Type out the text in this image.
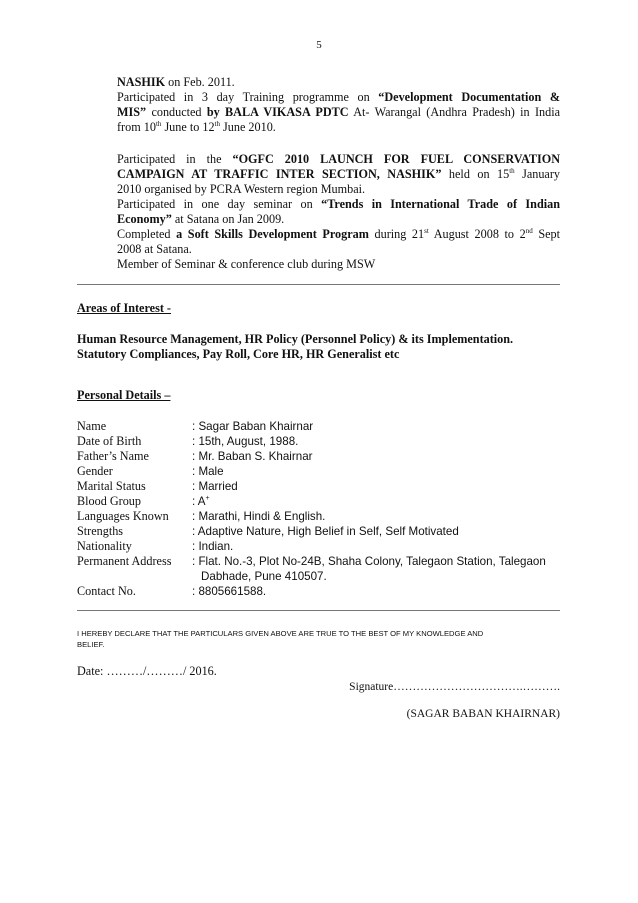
5
NASHIK on Feb. 2011.
Participated in 3 day Training programme on “Development Documentation &
MIS” conducted by BALA VIKASA PDTC At- Warangal (Andhra Pradesh) in India
from 10th June to 12th June 2010.
Participated in the “OGFC 2010 LAUNCH FOR FUEL CONSERVATION
CAMPAIGN AT TRAFFIC INTER SECTION, NASHIK” held on 15th January
2010 organised by PCRA Western region Mumbai.
Participated in one day seminar on “Trends in International Trade of Indian
Economy” at Satana on Jan 2009.
Completed a Soft Skills Development Program during 21st August 2008 to 2nd Sept
2008 at Satana.
Member of Seminar & conference club during MSW
Areas of Interest -
Human Resource Management, HR Policy (Personnel Policy) & its Implementation.
Statutory Compliances, Pay Roll, Core HR, HR Generalist etc
Personal Details –
Name	: Sagar Baban Khairnar
Date of Birth	: 15th, August, 1988.
Father’s Name	: Mr. Baban S. Khairnar
Gender	: Male
Marital Status	: Married
Blood Group	: A+
Languages Known	: Marathi, Hindi & English.
Strengths	: Adaptive Nature, High Belief in Self, Self Motivated
Nationality	: Indian.
Permanent Address	: Flat. No.-3, Plot No-24B, Shaha Colony, Talegaon Station, Talegaon
Dabhade, Pune 410507.
Contact No.	: 8805661588.
I HEREBY DECLARE THAT THE PARTICULARS GIVEN ABOVE ARE TRUE TO THE BEST OF MY KNOWLEDGE AND
BELIEF.
Date: ………/………/ 2016.
Signature…………………………….……….
(SAGAR BABAN KHAIRNAR)
